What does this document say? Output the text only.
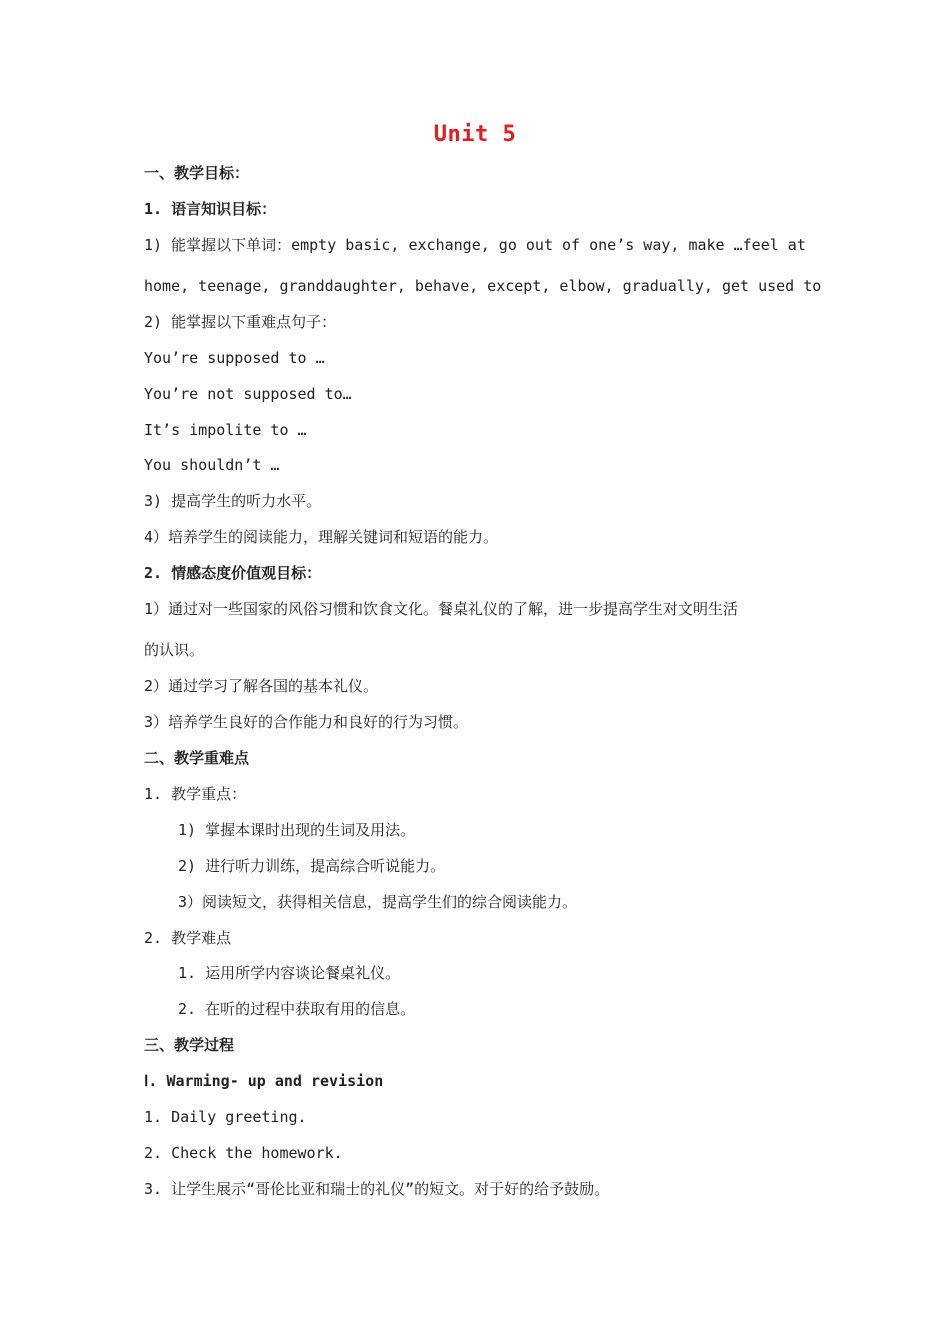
Unit 5
一、教学目标：
1. 语言知识目标：
1) 能掌握以下单词：empty basic, exchange, go out of one’s way, make …feel at
home, teenage, granddaughter, behave, except, elbow, gradually, get used to
2) 能掌握以下重难点句子：
You’re supposed to …
You’re not supposed to…
It’s impolite to …
You shouldn’t …
3) 提高学生的听力水平。
4）培养学生的阅读能力，理解关键词和短语的能力。
2. 情感态度价值观目标：
1）通过对一些国家的风俗习惯和饮食文化。餐桌礼仪的了解，进一步提高学生对文明生活
的认识。
2）通过学习了解各国的基本礼仪。
3）培养学生良好的合作能力和良好的行为习惯。
二、教学重难点
1. 教学重点：
1) 掌握本课时出现的生词及用法。
2) 进行听力训练，提高综合听说能力。
3）阅读短文，获得相关信息，提高学生们的综合阅读能力。
2. 教学难点
1. 运用所学内容谈论餐桌礼仪。
2. 在听的过程中获取有用的信息。
三、教学过程
Ⅰ. Warming- up and revision
1. Daily greeting.
2. Check the homework.
3. 让学生展示“哥伦比亚和瑞士的礼仪”的短文。对于好的给予鼓励。
